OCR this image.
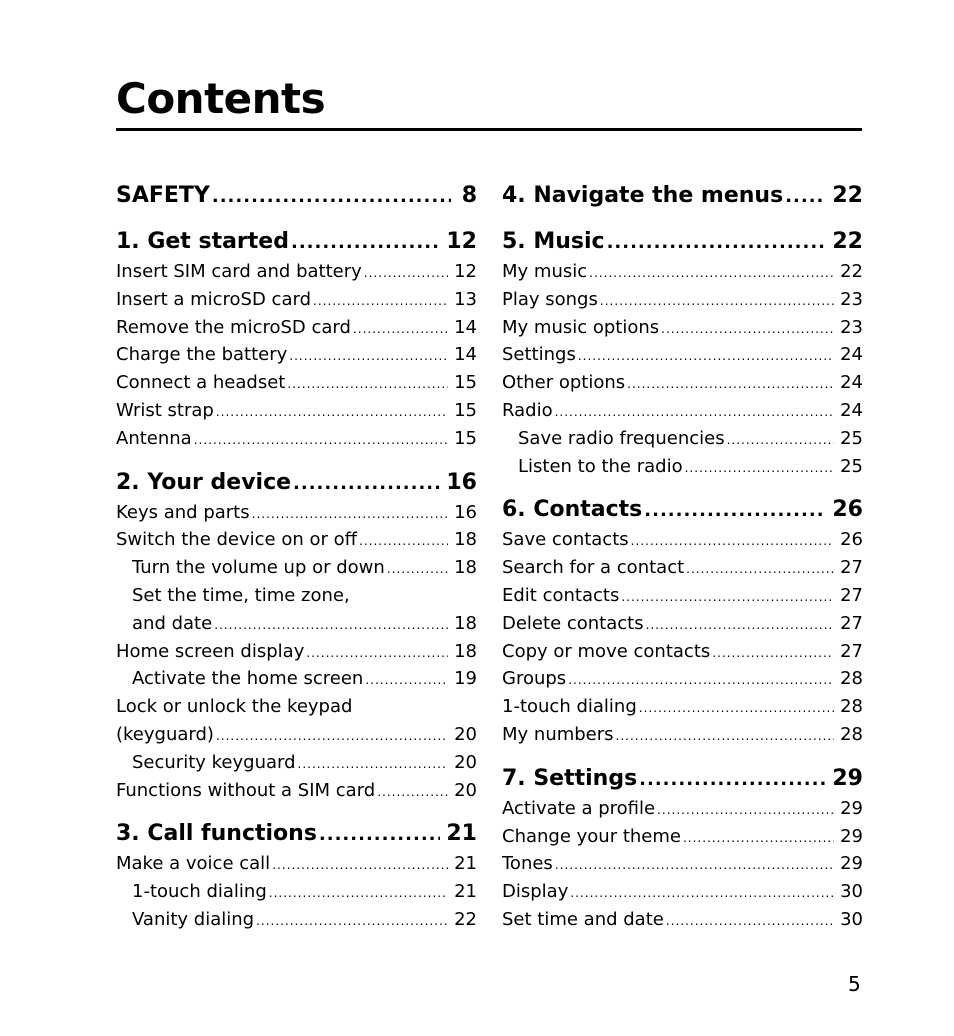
Contents
SAFETY .....	8
1. Get started .....	12
Insert SIM card and battery .....	12
Insert a microSD card .....	13
Remove the microSD card .....	14
Charge the battery .....	14
Connect a headset .....	15
Wrist strap .....	15
Antenna .....	15
2. Your device .....	16
Keys and parts .....	16
Switch the device on or off .....	18
Turn the volume up or down .....	18
Set the time, time zone,
and date .....	18
Home screen display .....	18
Activate the home screen .....	19
Lock or unlock the keypad
(keyguard) .....	20
Security keyguard .....	20
Functions without a SIM card .....	20
3. Call functions .....	21
Make a voice call .....	21
1-touch dialing .....	21
Vanity dialing .....	22
4. Navigate the menus ..... 22
5. Music .....	22
My music .....	22
Play songs .....	23
My music options .....	23
Settings .....	24
Other options .....	24
Radio .....	24
Save radio frequencies .....	25
Listen to the radio .....	25
6. Contacts .....	26
Save contacts .....	26
Search for a contact .....	27
Edit contacts .....	27
Delete contacts .....	27
Copy or move contacts .....	27
Groups .....	28
1-touch dialing .....	28
My numbers .....	28
7. Settings .....	29
Activate a profile .....	29
Change your theme .....	29
Tones .....	29
Display .....	30
Set time and date .....	30
5
